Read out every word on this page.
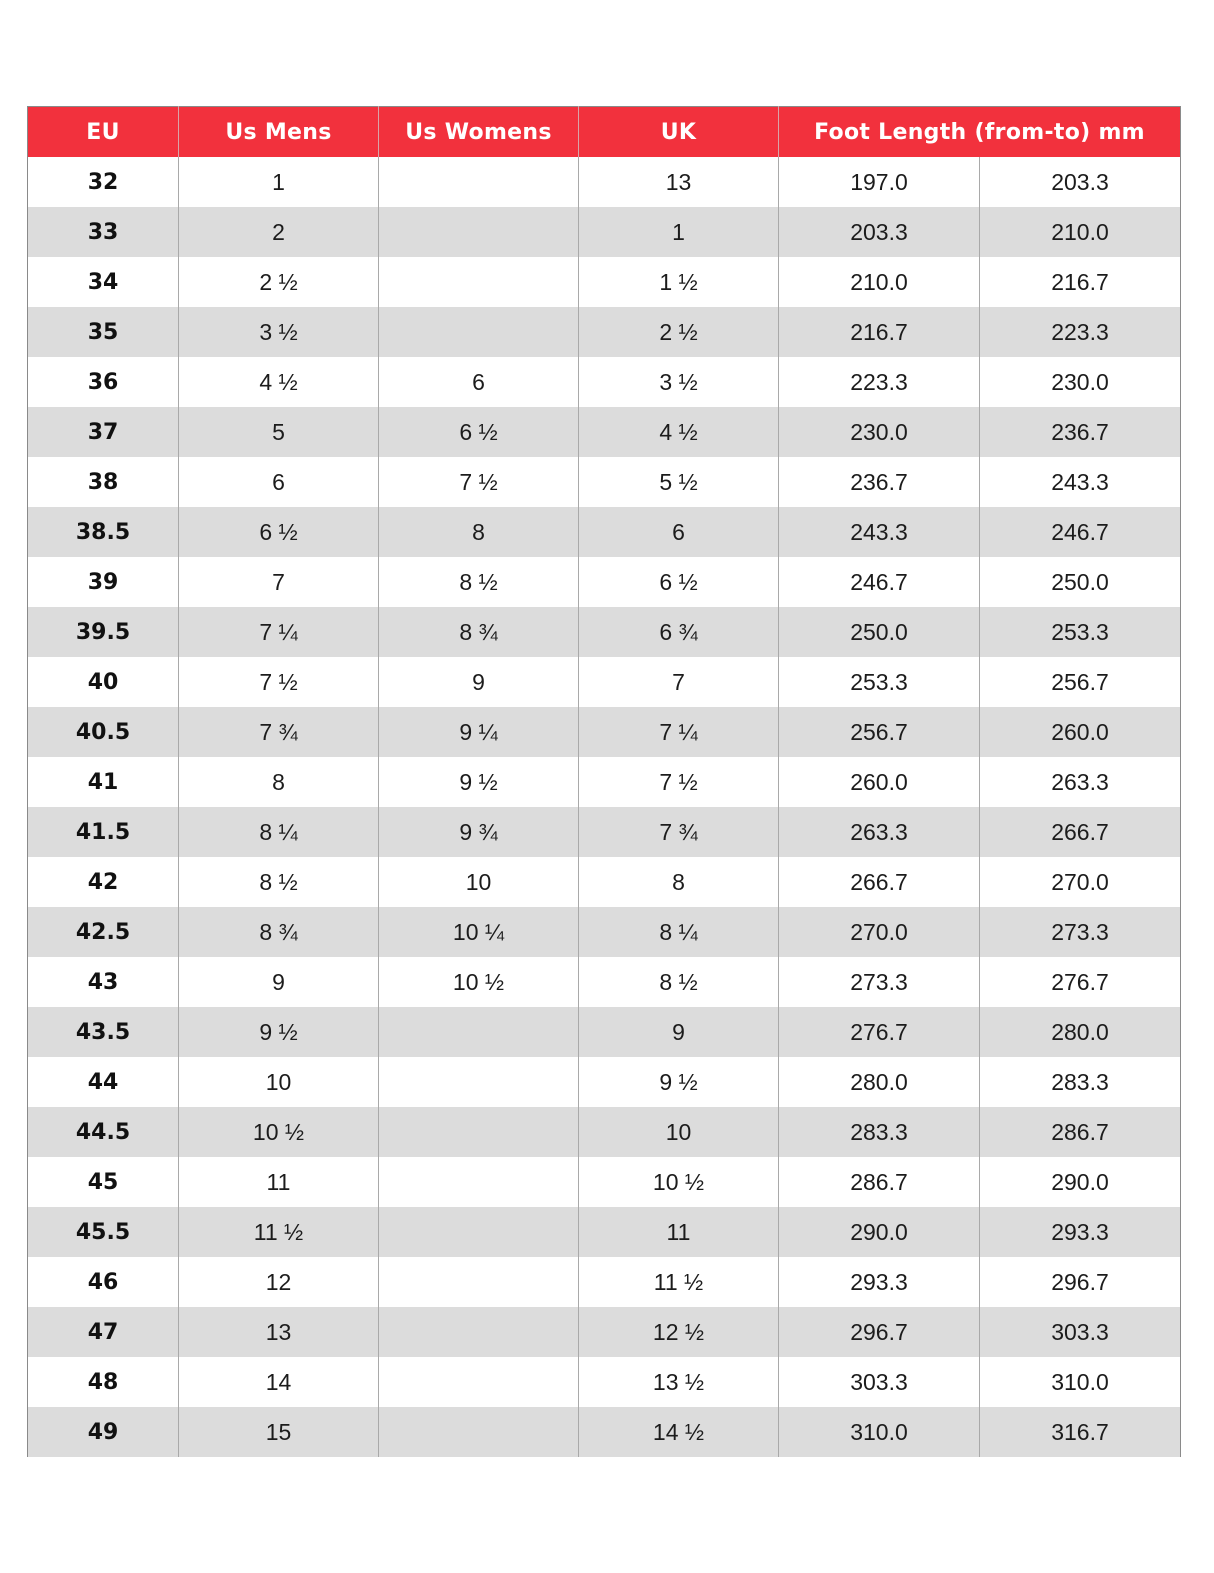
EU	Us Mens	Us Womens	UK	Foot Length (from-to) mm	
32	1		13	197.0	203.3
33	2		1	203.3	210.0
34	2 ½		1 ½	210.0	216.7
35	3 ½		2 ½	216.7	223.3
36	4 ½	6	3 ½	223.3	230.0
37	5	6 ½	4 ½	230.0	236.7
38	6	7 ½	5 ½	236.7	243.3
38.5	6 ½	8	6	243.3	246.7
39	7	8 ½	6 ½	246.7	250.0
39.5	7 ¼	8 ¾	6 ¾	250.0	253.3
40	7 ½	9	7	253.3	256.7
40.5	7 ¾	9 ¼	7 ¼	256.7	260.0
41	8	9 ½	7 ½	260.0	263.3
41.5	8 ¼	9 ¾	7 ¾	263.3	266.7
42	8 ½	10	8	266.7	270.0
42.5	8 ¾	10 ¼	8 ¼	270.0	273.3
43	9	10 ½	8 ½	273.3	276.7
43.5	9 ½		9	276.7	280.0
44	10		9 ½	280.0	283.3
44.5	10 ½		10	283.3	286.7
45	11		10 ½	286.7	290.0
45.5	11 ½		11	290.0	293.3
46	12		11 ½	293.3	296.7
47	13		12 ½	296.7	303.3
48	14		13 ½	303.3	310.0
49	15		14 ½	310.0	316.7
